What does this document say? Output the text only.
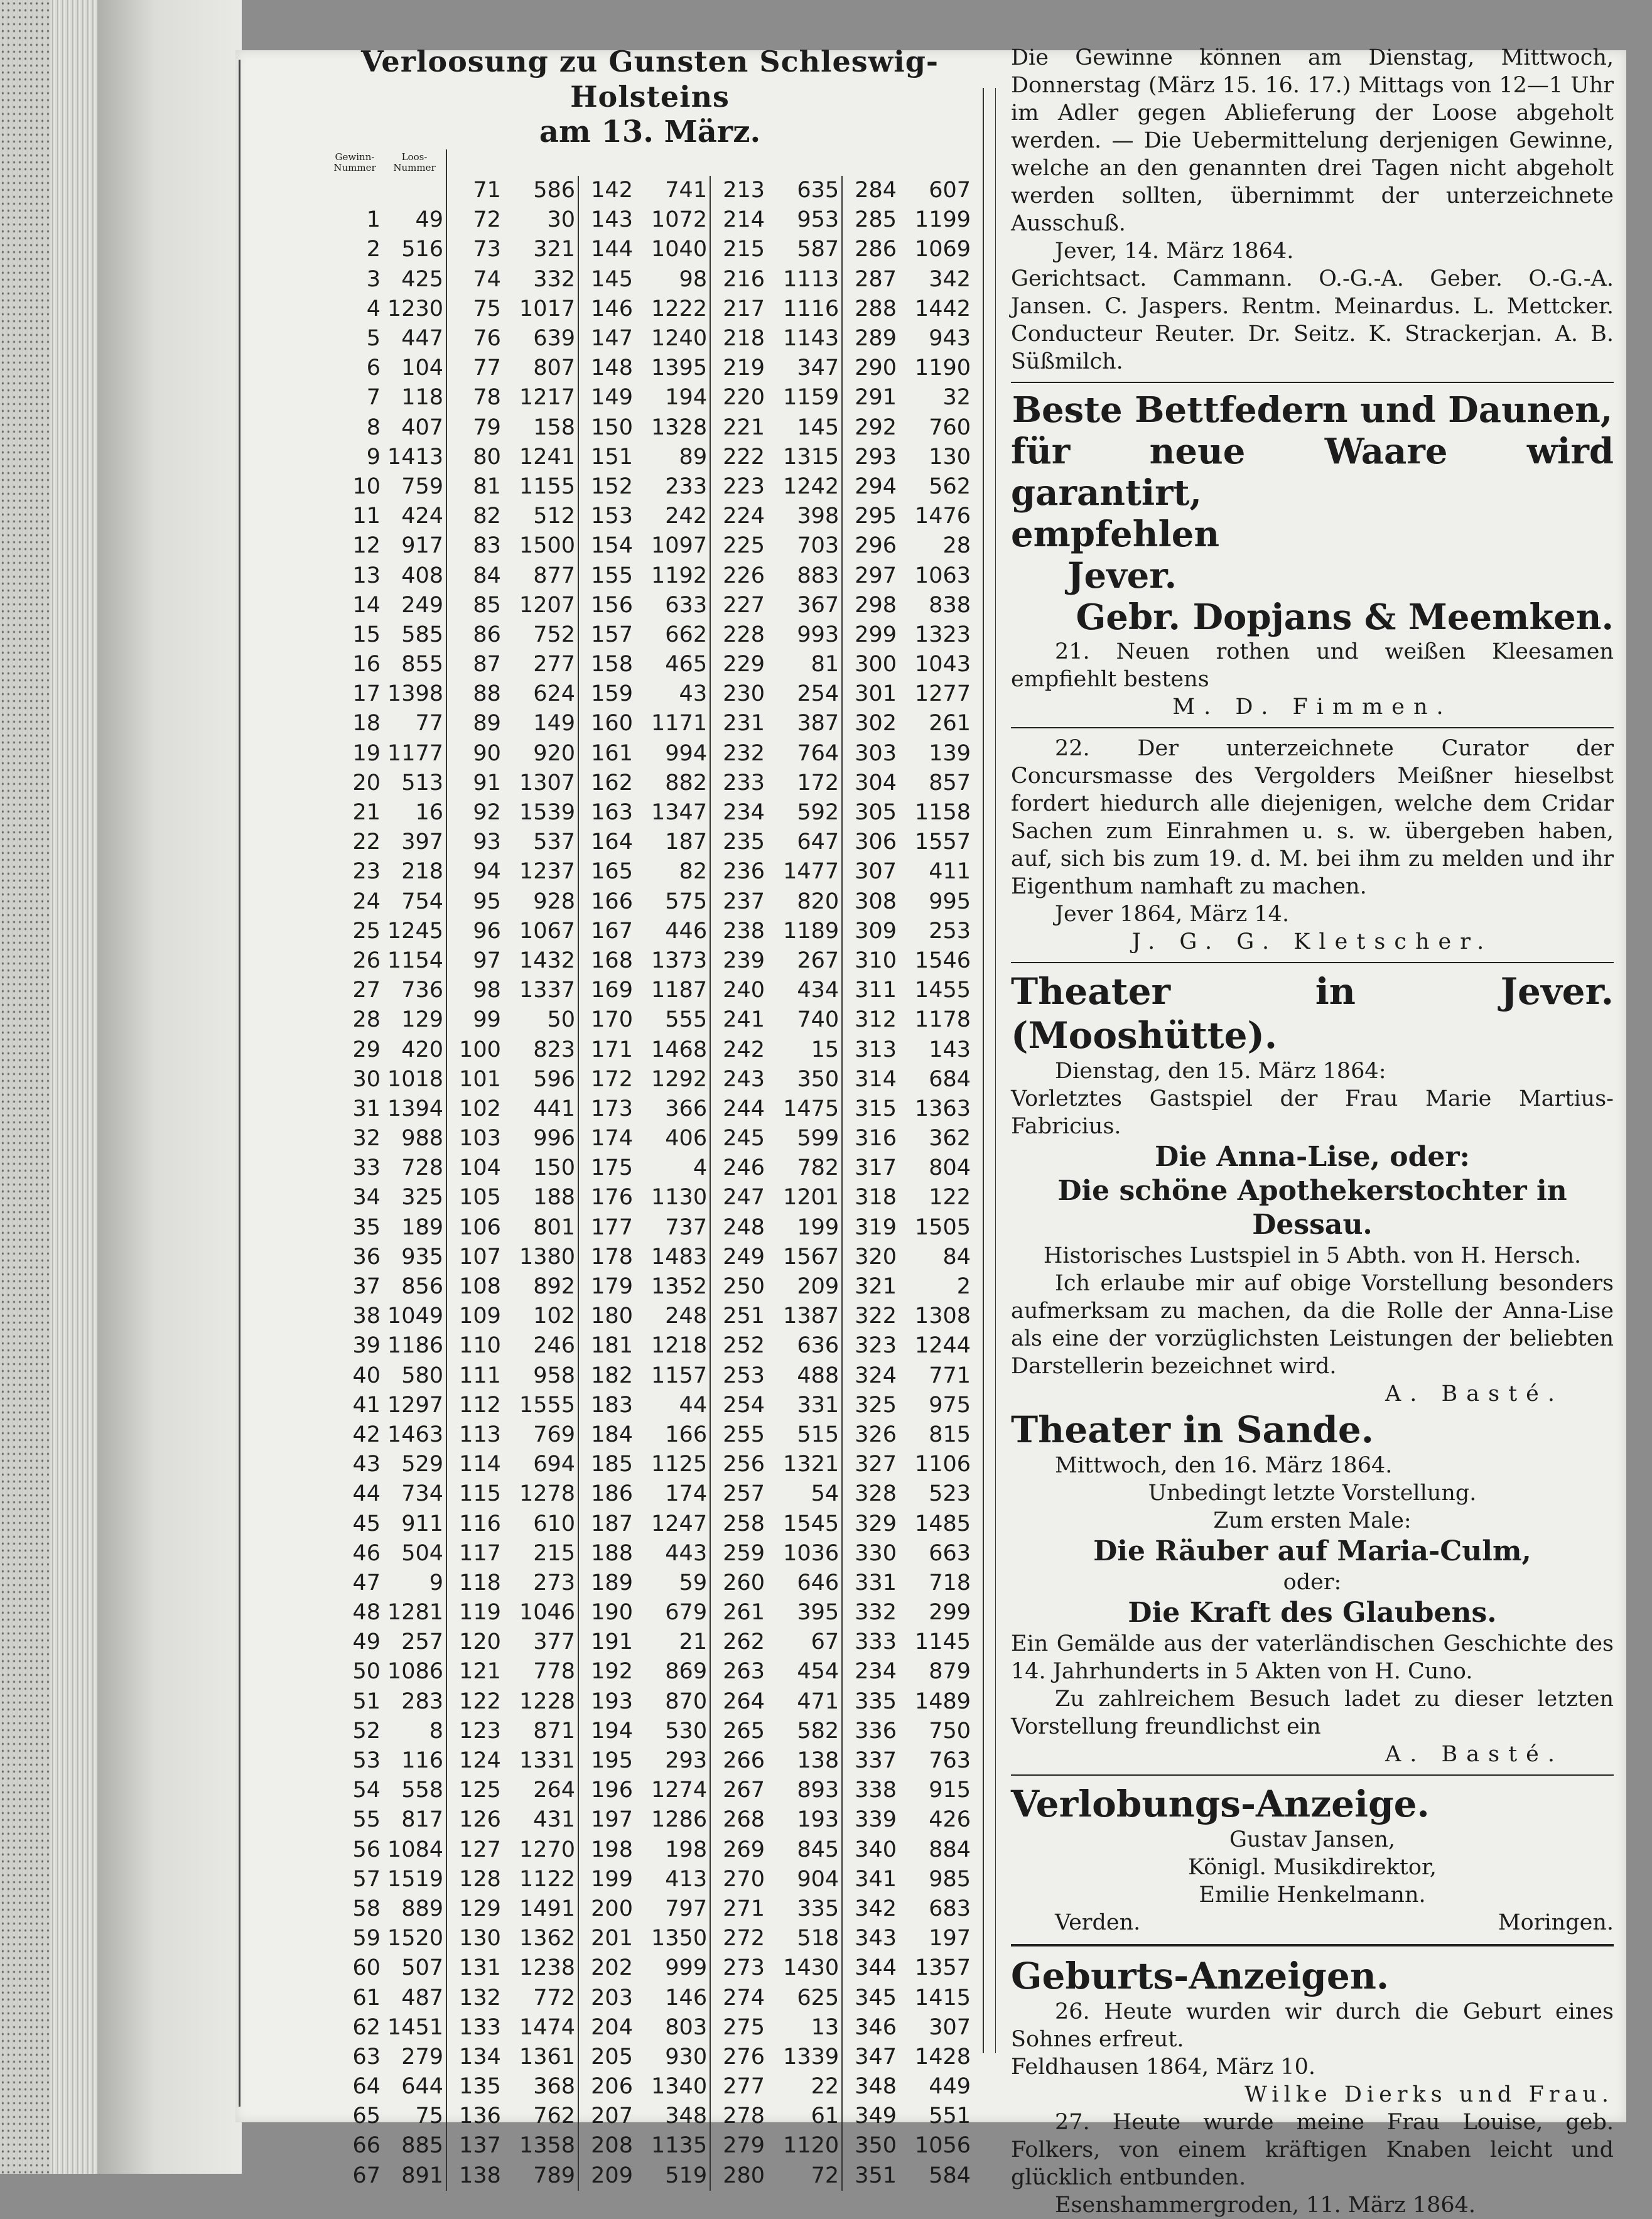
Verloosung zu Gunsten Schleswig-Holsteins
am 13. März.
Gewinn-
Nummer	Loos-
Nummer								
		71	586	142	741	213	635	284	607
1	49	72	30	143	1072	214	953	285	1199
2	516	73	321	144	1040	215	587	286	1069
3	425	74	332	145	98	216	1113	287	342
4	1230	75	1017	146	1222	217	1116	288	1442
5	447	76	639	147	1240	218	1143	289	943
6	104	77	807	148	1395	219	347	290	1190
7	118	78	1217	149	194	220	1159	291	32
8	407	79	158	150	1328	221	145	292	760
9	1413	80	1241	151	89	222	1315	293	130
10	759	81	1155	152	233	223	1242	294	562
11	424	82	512	153	242	224	398	295	1476
12	917	83	1500	154	1097	225	703	296	28
13	408	84	877	155	1192	226	883	297	1063
14	249	85	1207	156	633	227	367	298	838
15	585	86	752	157	662	228	993	299	1323
16	855	87	277	158	465	229	81	300	1043
17	1398	88	624	159	43	230	254	301	1277
18	77	89	149	160	1171	231	387	302	261
19	1177	90	920	161	994	232	764	303	139
20	513	91	1307	162	882	233	172	304	857
21	16	92	1539	163	1347	234	592	305	1158
22	397	93	537	164	187	235	647	306	1557
23	218	94	1237	165	82	236	1477	307	411
24	754	95	928	166	575	237	820	308	995
25	1245	96	1067	167	446	238	1189	309	253
26	1154	97	1432	168	1373	239	267	310	1546
27	736	98	1337	169	1187	240	434	311	1455
28	129	99	50	170	555	241	740	312	1178
29	420	100	823	171	1468	242	15	313	143
30	1018	101	596	172	1292	243	350	314	684
31	1394	102	441	173	366	244	1475	315	1363
32	988	103	996	174	406	245	599	316	362
33	728	104	150	175	4	246	782	317	804
34	325	105	188	176	1130	247	1201	318	122
35	189	106	801	177	737	248	199	319	1505
36	935	107	1380	178	1483	249	1567	320	84
37	856	108	892	179	1352	250	209	321	2
38	1049	109	102	180	248	251	1387	322	1308
39	1186	110	246	181	1218	252	636	323	1244
40	580	111	958	182	1157	253	488	324	771
41	1297	112	1555	183	44	254	331	325	975
42	1463	113	769	184	166	255	515	326	815
43	529	114	694	185	1125	256	1321	327	1106
44	734	115	1278	186	174	257	54	328	523
45	911	116	610	187	1247	258	1545	329	1485
46	504	117	215	188	443	259	1036	330	663
47	9	118	273	189	59	260	646	331	718
48	1281	119	1046	190	679	261	395	332	299
49	257	120	377	191	21	262	67	333	1145
50	1086	121	778	192	869	263	454	234	879
51	283	122	1228	193	870	264	471	335	1489
52	8	123	871	194	530	265	582	336	750
53	116	124	1331	195	293	266	138	337	763
54	558	125	264	196	1274	267	893	338	915
55	817	126	431	197	1286	268	193	339	426
56	1084	127	1270	198	198	269	845	340	884
57	1519	128	1122	199	413	270	904	341	985
58	889	129	1491	200	797	271	335	342	683
59	1520	130	1362	201	1350	272	518	343	197
60	507	131	1238	202	999	273	1430	344	1357
61	487	132	772	203	146	274	625	345	1415
62	1451	133	1474	204	803	275	13	346	307
63	279	134	1361	205	930	276	1339	347	1428
64	644	135	368	206	1340	277	22	348	449
65	75	136	762	207	348	278	61	349	551
66	885	137	1358	208	1135	279	1120	350	1056
67	891	138	789	209	519	280	72	351	584

Die Gewinne können am Dienstag, Mittwoch, Donnerstag (März 15. 16. 17.) Mittags von 12—1 Uhr im Adler gegen Ablieferung der Loose abgeholt werden. — Die Uebermittelung derjenigen Gewinne, welche an den genannten drei Tagen nicht abgeholt werden sollten, übernimmt der unterzeichnete Ausschuß.

Jever, 14. März 1864.

Gerichtsact. Cammann. O.-G.-A. Geber. O.-G.-A. Jansen. C. Jaspers. Rentm. Meinardus. L. Mettcker. Conducteur Reuter. Dr. Seitz. K. Strackerjan. A. B. Süßmilch.

Beste Bettfedern und Daunen,

für neue Waare wird garantirt,

empfehlen

Jever.

Gebr. Dopjans & Meemken.

21. Neuen rothen und weißen Kleesamen empfiehlt bestens

M. D. Fimmen.

22. Der unterzeichnete Curator der Concursmasse des Vergolders Meißner hieselbst fordert hiedurch alle diejenigen, welche dem Cridar Sachen zum Einrahmen u. s. w. übergeben haben, auf, sich bis zum 19. d. M. bei ihm zu melden und ihr Eigenthum namhaft zu machen.

Jever 1864, März 14.

J. G. G. Kletscher.

Theater in Jever. (Mooshütte).

Dienstag, den 15. März 1864:

Vorletztes Gastspiel der Frau Marie Martius-Fabricius.

Die Anna-Lise, oder:

Die schöne Apothekerstochter in Dessau.

Historisches Lustspiel in 5 Abth. von H. Hersch.

Ich erlaube mir auf obige Vorstellung besonders aufmerksam zu machen, da die Rolle der Anna-Lise als eine der vorzüglichsten Leistungen der beliebten Darstellerin bezeichnet wird.

A. Basté.

Theater in Sande.

Mittwoch, den 16. März 1864.

Unbedingt letzte Vorstellung.

Zum ersten Male:

Die Räuber auf Maria-Culm,

oder:

Die Kraft des Glaubens.

Ein Gemälde aus der vaterländischen Geschichte des 14. Jahrhunderts in 5 Akten von H. Cuno.

Zu zahlreichem Besuch ladet zu dieser letzten Vorstellung freundlichst ein

A. Basté.

Verlobungs-Anzeige.

Gustav Jansen,

Königl. Musikdirektor,

Emilie Henkelmann.

Verden.	Moringen.

Geburts-Anzeigen.

26. Heute wurden wir durch die Geburt eines Sohnes erfreut.

Feldhausen 1864, März 10.

Wilke Dierks und Frau.

27. Heute wurde meine Frau Louise, geb. Folkers, von einem kräftigen Knaben leicht und glücklich entbunden.

Esenshammergroden, 11. März 1864.
